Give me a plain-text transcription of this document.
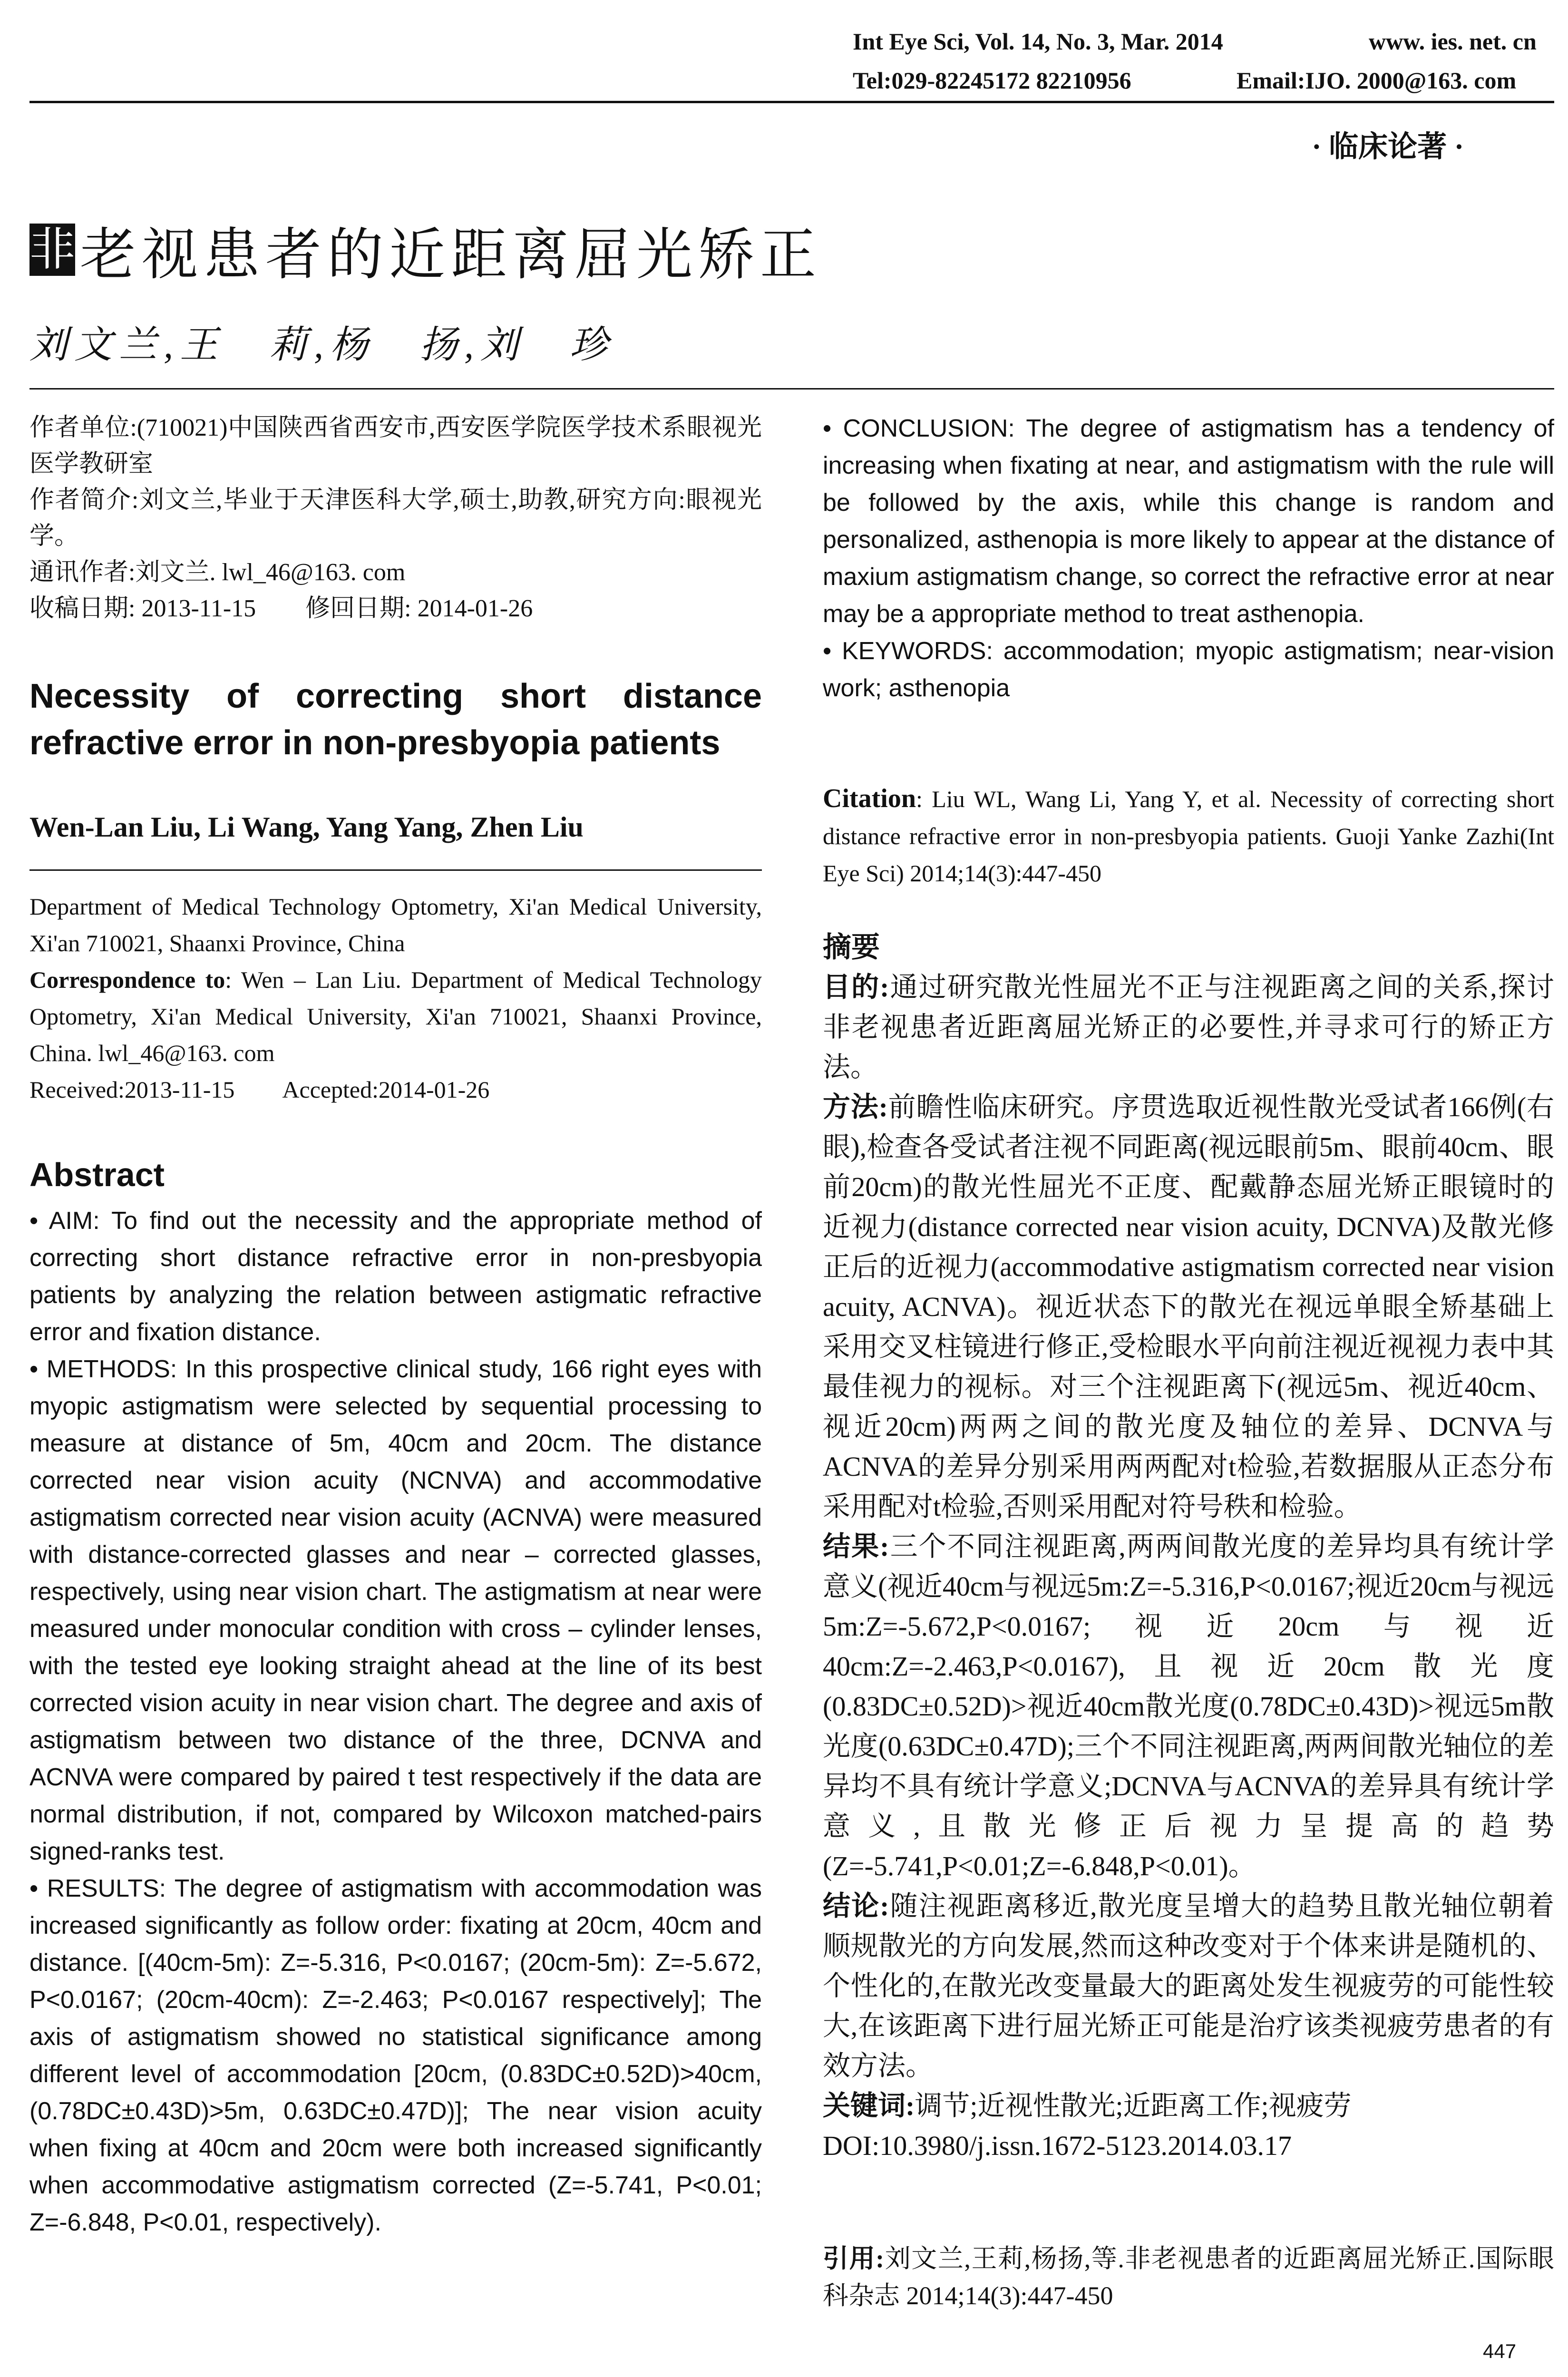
Int Eye Sci, Vol. 14, No. 3, Mar. 2014	www. ies. net. cn
Tel:029-82245172 82210956	Email:IJO. 2000@163. com
· 临床论著 ·
非老视患者的近距离屈光矫正
刘文兰,王　莉,杨　扬,刘　珍

作者单位:(710021)中国陕西省西安市,西安医学院医学技术系眼视光医学教研室

作者简介:刘文兰,毕业于天津医科大学,硕士,助教,研究方向:眼视光学。

通讯作者:刘文兰. lwl_46@163. com

收稿日期: 2013-11-15　　修回日期: 2014-01-26

Necessity of correcting short distance refractive error in non-presbyopia patients
Wen-Lan Liu, Li Wang, Yang Yang, Zhen Liu

Department of Medical Technology Optometry, Xi'an Medical University, Xi'an 710021, Shaanxi Province, China

Correspondence to: Wen – Lan Liu. Department of Medical Technology Optometry, Xi'an Medical University, Xi'an 710021, Shaanxi Province, China. lwl_46@163. com

Received:2013-11-15　　Accepted:2014-01-26

Abstract

• AIM: To find out the necessity and the appropriate method of correcting short distance refractive error in non-presbyopia patients by analyzing the relation between astigmatic refractive error and fixation distance.

• METHODS: In this prospective clinical study, 166 right eyes with myopic astigmatism were selected by sequential processing to measure at distance of 5m, 40cm and 20cm. The distance corrected near vision acuity (NCNVA) and accommodative astigmatism corrected near vision acuity (ACNVA) were measured with distance-corrected glasses and near – corrected glasses, respectively, using near vision chart. The astigmatism at near were measured under monocular condition with cross – cylinder lenses, with the tested eye looking straight ahead at the line of its best corrected vision acuity in near vision chart. The degree and axis of astigmatism between two distance of the three, DCNVA and ACNVA were compared by paired t test respectively if the data are normal distribution, if not, compared by Wilcoxon matched-pairs signed-ranks test.

• RESULTS: The degree of astigmatism with accommodation was increased significantly as follow order: fixating at 20cm, 40cm and distance. [(40cm-5m): Z=-5.316, P<0.0167; (20cm-5m): Z=-5.672, P<0.0167; (20cm-40cm): Z=-2.463; P<0.0167 respectively]; The axis of astigmatism showed no statistical significance among different level of accommodation [20cm, (0.83DC±0.52D)>40cm, (0.78DC±0.43D)>5m, 0.63DC±0.47D)]; The near vision acuity when fixing at 40cm and 20cm were both increased significantly when accommodative astigmatism corrected (Z=-5.741, P<0.01; Z=-6.848, P<0.01, respectively).

• CONCLUSION: The degree of astigmatism has a tendency of increasing when fixating at near, and astigmatism with the rule will be followed by the axis, while this change is random and personalized, asthenopia is more likely to appear at the distance of maxium astigmatism change, so correct the refractive error at near may be a appropriate method to treat asthenopia.

• KEYWORDS: accommodation; myopic astigmatism; near-vision work; asthenopia

Citation: Liu WL, Wang Li, Yang Y, et al. Necessity of correcting short distance refractive error in non-presbyopia patients. Guoji Yanke Zazhi(Int Eye Sci) 2014;14(3):447-450

摘要

目的:通过研究散光性屈光不正与注视距离之间的关系,探讨非老视患者近距离屈光矫正的必要性,并寻求可行的矫正方法。

方法:前瞻性临床研究。序贯选取近视性散光受试者166例(右眼),检查各受试者注视不同距离(视远眼前5m、眼前40cm、眼前20cm)的散光性屈光不正度、配戴静态屈光矫正眼镜时的近视力(distance corrected near vision acuity, DCNVA)及散光修正后的近视力(accommodative astigmatism corrected near vision acuity, ACNVA)。视近状态下的散光在视远单眼全矫基础上采用交叉柱镜进行修正,受检眼水平向前注视近视视力表中其最佳视力的视标。对三个注视距离下(视远5m、视近40cm、视近20cm)两两之间的散光度及轴位的差异、DCNVA与ACNVA的差异分别采用两两配对t检验,若数据服从正态分布采用配对t检验,否则采用配对符号秩和检验。

结果:三个不同注视距离,两两间散光度的差异均具有统计学意义(视近40cm与视远5m:Z=-5.316,P<0.0167;视近20cm与视远5m:Z=-5.672,P<0.0167;视近20cm与视近40cm:Z=-2.463,P<0.0167),且视近20cm散光度(0.83DC±0.52D)>视近40cm散光度(0.78DC±0.43D)>视远5m散光度(0.63DC±0.47D);三个不同注视距离,两两间散光轴位的差异均不具有统计学意义;DCNVA与ACNVA的差异具有统计学意义,且散光修正后视力呈提高的趋势(Z=-5.741,P<0.01;Z=-6.848,P<0.01)。

结论:随注视距离移近,散光度呈增大的趋势且散光轴位朝着顺规散光的方向发展,然而这种改变对于个体来讲是随机的、个性化的,在散光改变量最大的距离处发生视疲劳的可能性较大,在该距离下进行屈光矫正可能是治疗该类视疲劳患者的有效方法。

关键词:调节;近视性散光;近距离工作;视疲劳

DOI:10.3980/j.issn.1672-5123.2014.03.17

引用:刘文兰,王莉,杨扬,等.非老视患者的近距离屈光矫正.国际眼科杂志 2014;14(3):447-450
447
